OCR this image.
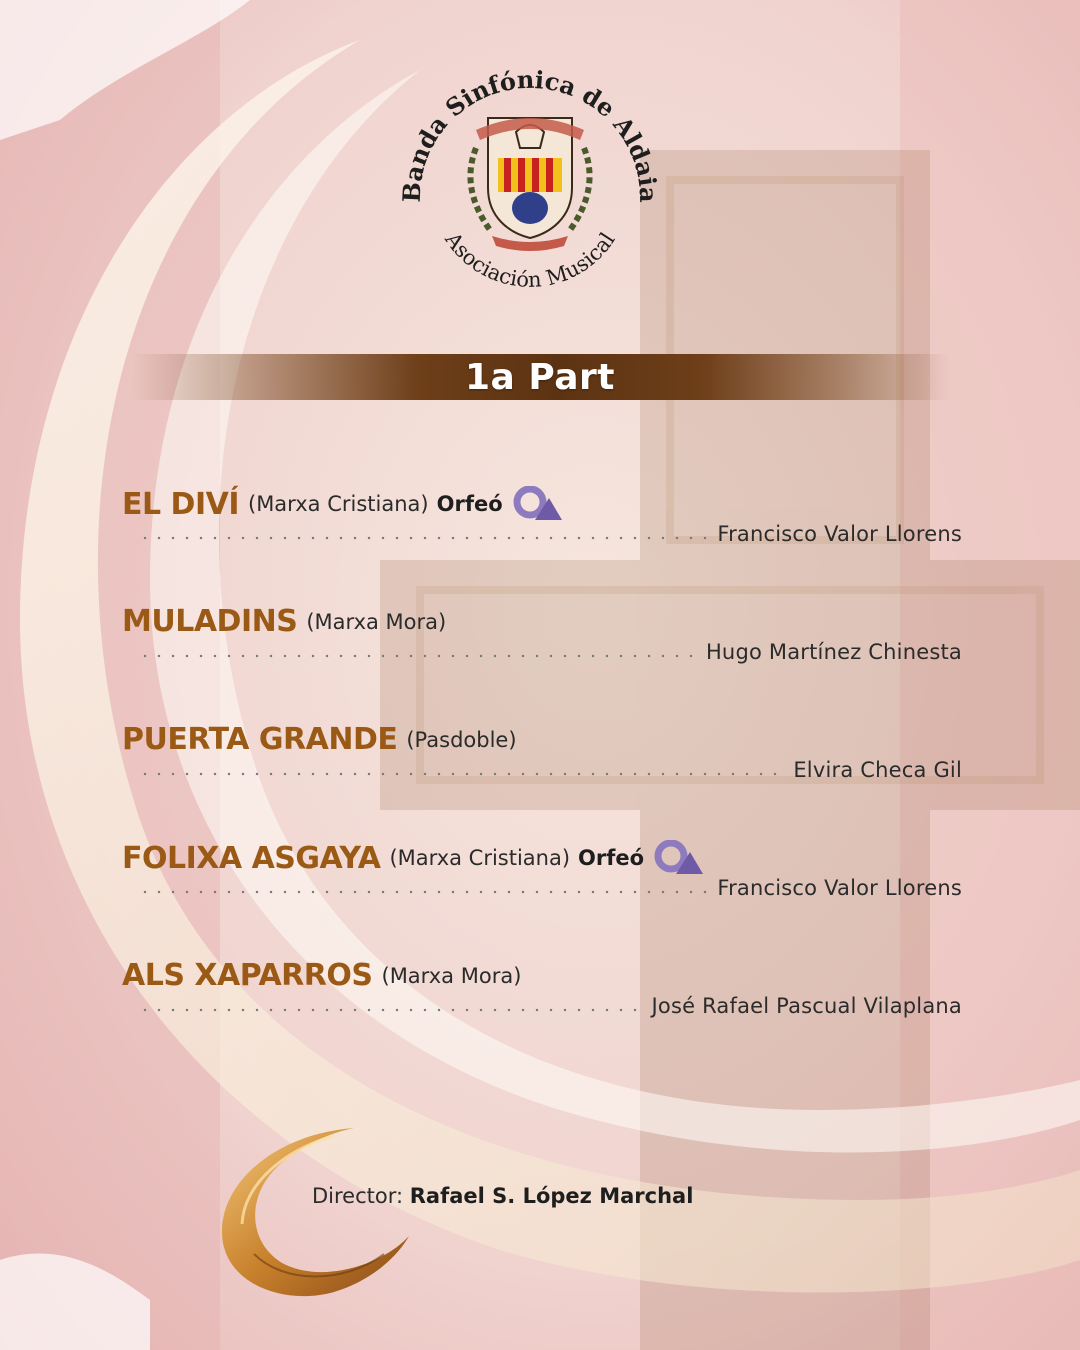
Banda Sinfónica de Aldaia
Asociación Musical
1a Part
EL DIVÍ (Marxa Cristiana) Orfeó
Francisco Valor Llorens
MULADINS (Marxa Mora)
Hugo Martínez Chinesta
PUERTA GRANDE (Pasdoble)
Elvira Checa Gil
FOLIXA ASGAYA (Marxa Cristiana) Orfeó
Francisco Valor Llorens
ALS XAPARROS (Marxa Mora)
José Rafael Pascual Vilaplana
Director: Rafael S. López Marchal
